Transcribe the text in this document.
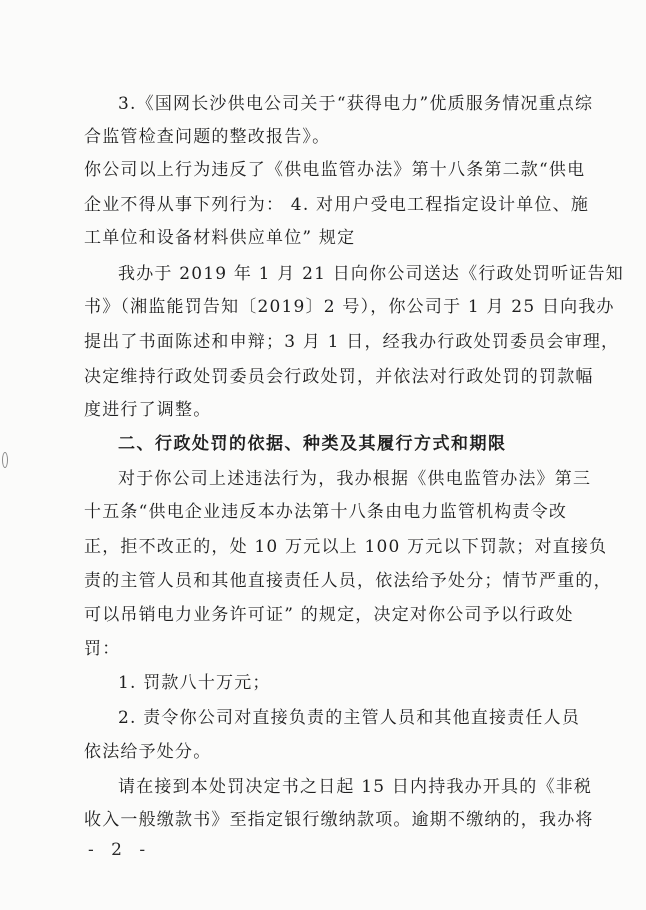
3.《国网长沙供电公司关于“获得电力”优质服务情况重点综
合监管检查问题的整改报告》。
你公司以上行为违反了《供电监管办法》第十八条第二款“供电
企业不得从事下列行为： 4. 对用户受电工程指定设计单位、施
工单位和设备材料供应单位” 规定
我办于 2019 年 1 月 21 日向你公司送达《行政处罚听证告知
书》（湘监能罚告知〔2019〕2 号），你公司于 1 月 25 日向我办
提出了书面陈述和申辩；3 月 1 日，经我办行政处罚委员会审理，
决定维持行政处罚委员会行政处罚，并依法对行政处罚的罚款幅
度进行了调整。
二、行政处罚的依据、种类及其履行方式和期限
对于你公司上述违法行为，我办根据《供电监管办法》第三
十五条“供电企业违反本办法第十八条由电力监管机构责令改
正，拒不改正的，处 10 万元以上 100 万元以下罚款；对直接负
责的主管人员和其他直接责任人员，依法给予处分；情节严重的，
可以吊销电力业务许可证” 的规定，决定对你公司予以行政处
罚：
1. 罚款八十万元；
2. 责令你公司对直接负责的主管人员和其他直接责任人员
依法给予处分。
请在接到本处罚决定书之日起 15 日内持我办开具的《非税
收入一般缴款书》至指定银行缴纳款项。逾期不缴纳的，我办将
- 2 -
